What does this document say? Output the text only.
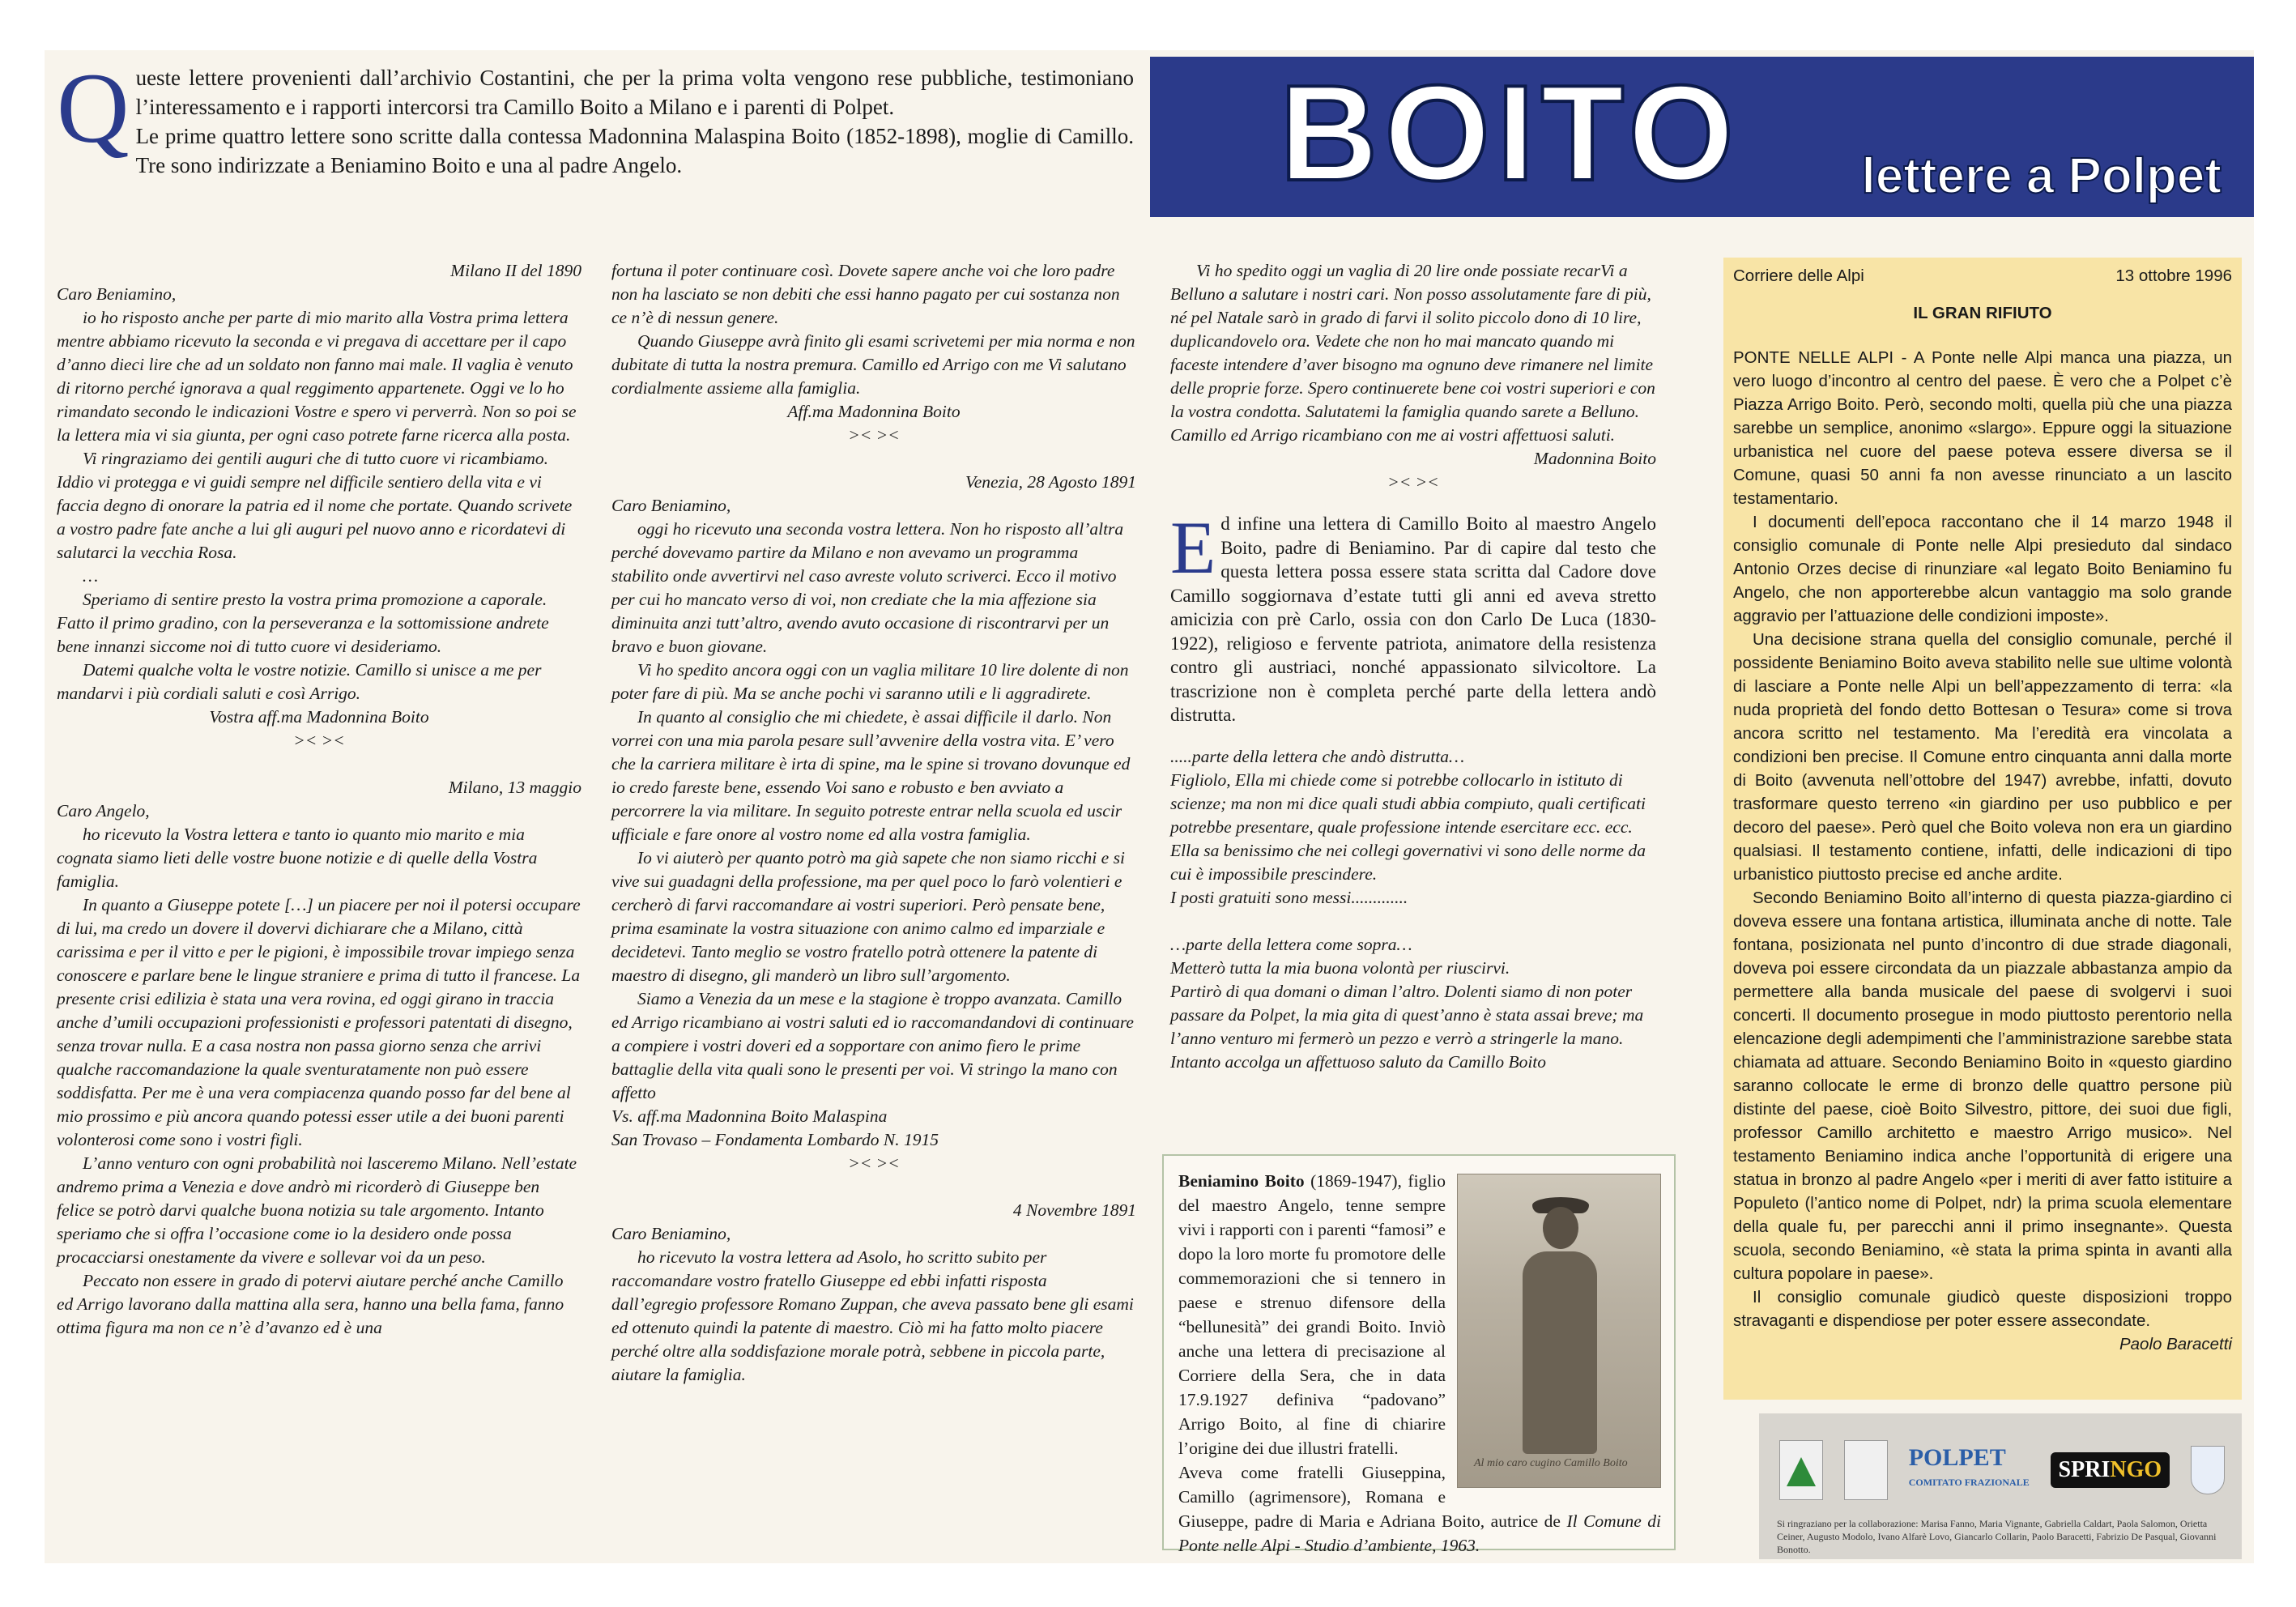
Q ueste lettere provenienti dall’archivio Costantini, che per la prima volta vengono rese pubbliche, testimoniano l’interessamento e i rapporti intercorsi tra Camillo Boito a Milano e i parenti di Polpet.

Le prime quattro lettere sono scritte dalla contessa Madonnina Malaspina Boito (1852-1898), moglie di Camillo. Tre sono indirizzate a Beniamino Boito e una al padre Angelo.	BOITO lettere a Polpet

Milano II del 1890

Caro Beniamino,

io ho risposto anche per parte di mio marito alla Vostra prima lettera mentre abbiamo ricevuto la seconda e vi pregava di accettare per il capo d’anno dieci lire che ad un soldato non fanno mai male. Il vaglia è venuto di ritorno perché ignorava a qual reggimento appartenete. Oggi ve lo ho rimandato secondo le indicazioni Vostre e spero vi perverrà. Non so poi se la lettera mia vi sia giunta, per ogni caso potrete farne ricerca alla posta.

Vi ringraziamo dei gentili auguri che di tutto cuore vi ricambiamo. Iddio vi protegga e vi guidi sempre nel difficile sentiero della vita e vi faccia degno di onorare la patria ed il nome che portate. Quando scrivete a vostro padre fate anche a lui gli auguri pel nuovo anno e ricordatevi di salutarci la vecchia Rosa.

…

Speriamo di sentire presto la vostra prima promozione a caporale. Fatto il primo gradino, con la perseveranza e la sottomissione andrete bene innanzi siccome noi di tutto cuore vi desideriamo.

Datemi qualche volta le vostre notizie. Camillo si unisce a me per mandarvi i più cordiali saluti e così Arrigo.

Vostra aff.ma Madonnina Boito

>< ><

Milano, 13 maggio

Caro Angelo,

ho ricevuto la Vostra lettera e tanto io quanto mio marito e mia cognata siamo lieti delle vostre buone notizie e di quelle della Vostra famiglia.

In quanto a Giuseppe potete […] un piacere per noi il potersi occupare di lui, ma credo un dovere il dovervi dichiarare che a Milano, città carissima e per il vitto e per le pigioni, è impossibile trovar impiego senza conoscere e parlare bene le lingue straniere e prima di tutto il francese. La presente crisi edilizia è stata una vera rovina, ed oggi girano in traccia anche d’umili occupazioni professionisti e professori patentati di disegno, senza trovar nulla. E a casa nostra non passa giorno senza che arrivi qualche raccomandazione la quale sventuratamente non può essere soddisfatta. Per me è una vera compiacenza quando posso far del bene al mio prossimo e più ancora quando potessi esser utile a dei buoni parenti volonterosi come sono i vostri figli.

L’anno venturo con ogni probabilità noi lasceremo Milano. Nell’estate andremo prima a Venezia e dove andrò mi ricorderò di Giuseppe ben felice se potrò darvi qualche buona notizia su tale argomento. Intanto speriamo che si offra l’occasione come io la desidero onde possa procacciarsi onestamente da vivere e sollevar voi da un peso.

Peccato non essere in grado di potervi aiutare perché anche Camillo ed Arrigo lavorano dalla mattina alla sera, hanno una bella fama, fanno ottima figura ma non ce n’è d’avanzo ed è una

fortuna il poter continuare così. Dovete sapere anche voi che loro padre non ha lasciato se non debiti che essi hanno pagato per cui sostanza non ce n’è di nessun genere.

Quando Giuseppe avrà finito gli esami scrivetemi per mia norma e non dubitate di tutta la nostra premura. Camillo ed Arrigo con me Vi salutano cordialmente assieme alla famiglia.

Aff.ma Madonnina Boito

>< ><

Venezia, 28 Agosto 1891

Caro Beniamino,

oggi ho ricevuto una seconda vostra lettera. Non ho risposto all’altra perché dovevamo partire da Milano e non avevamo un programma stabilito onde avvertirvi nel caso avreste voluto scriverci. Ecco il motivo per cui ho mancato verso di voi, non crediate che la mia affezione sia diminuita anzi tutt’altro, avendo avuto occasione di riscontrarvi per un bravo e buon giovane.

Vi ho spedito ancora oggi con un vaglia militare 10 lire dolente di non poter fare di più. Ma se anche pochi vi saranno utili e li aggradirete.

In quanto al consiglio che mi chiedete, è assai difficile il darlo. Non vorrei con una mia parola pesare sull’avvenire della vostra vita. E’ vero che la carriera militare è irta di spine, ma le spine si trovano dovunque ed io credo fareste bene, essendo Voi sano e robusto e ben avviato a percorrere la via militare. In seguito potreste entrar nella scuola ed uscir ufficiale e fare onore al vostro nome ed alla vostra famiglia.

Io vi aiuterò per quanto potrò ma già sapete che non siamo ricchi e si vive sui guadagni della professione, ma per quel poco lo farò volentieri e cercherò di farvi raccomandare ai vostri superiori. Però pensate bene, prima esaminate la vostra situazione con animo calmo ed imparziale e decidetevi. Tanto meglio se vostro fratello potrà ottenere la patente di maestro di disegno, gli manderò un libro sull’argomento.

Siamo a Venezia da un mese e la stagione è troppo avanzata. Camillo ed Arrigo ricambiano ai vostri saluti ed io raccomandandovi di continuare a compiere i vostri doveri ed a sopportare con animo fiero le prime battaglie della vita quali sono le presenti per voi. Vi stringo la mano con affetto

Vs. aff.ma Madonnina Boito Malaspina

San Trovaso – Fondamenta Lombardo N. 1915

>< ><

4 Novembre 1891

Caro Beniamino,

ho ricevuto la vostra lettera ad Asolo, ho scritto subito per raccomandare vostro fratello Giuseppe ed ebbi infatti risposta dall’egregio professore Romano Zuppan, che aveva passato bene gli esami ed ottenuto quindi la patente di maestro. Ciò mi ha fatto molto piacere perché oltre alla soddisfazione morale potrà, sebbene in piccola parte, aiutare la famiglia.

Vi ho spedito oggi un vaglia di 20 lire onde possiate recarVi a Belluno a salutare i nostri cari. Non posso assolutamente fare di più, né pel Natale sarò in grado di farvi il solito piccolo dono di 10 lire, duplicandovelo ora. Vedete che non ho mai mancato quando mi faceste intendere d’aver bisogno ma ognuno deve rimanere nel limite delle proprie forze. Spero continuerete bene coi vostri superiori e con la vostra condotta. Salutatemi la famiglia quando sarete a Belluno. Camillo ed Arrigo ricambiano con me ai vostri affettuosi saluti.

Madonnina Boito

>< ><

Ed infine una lettera di Camillo Boito al maestro Angelo Boito, padre di Beniamino. Par di capire dal testo che questa lettera possa essere stata scritta dal Cadore dove Camillo soggiornava d’estate tutti gli anni ed aveva stretto amicizia con prè Carlo, ossia con don Carlo De Luca (1830-1922), religioso e fervente patriota, animatore della resistenza contro gli austriaci, nonché appassionato silvicoltore. La trascrizione non è completa perché parte della lettera andò distrutta.

.....parte della lettera che andò distrutta…

Figliolo, Ella mi chiede come si potrebbe collocarlo in istituto di scienze; ma non mi dice quali studi abbia compiuto, quali certificati potrebbe presentare, quale professione intende esercitare ecc. ecc.

Ella sa benissimo che nei collegi governativi vi sono delle norme da cui è impossibile prescindere.

I posti gratuiti sono messi.............

…parte della lettera come sopra…

Metterò tutta la mia buona volontà per riuscirvi.

Partirò di qua domani o diman l’altro. Dolenti siamo di non poter passare da Polpet, la mia gita di quest’anno è stata assai breve; ma l’anno venturo mi fermerò un pezzo e verrò a stringerle la mano. Intanto accolga un affettuoso saluto da Camillo Boito

Al mio caro cugino Camillo Boito

Beniamino Boito (1869-1947), figlio del maestro Angelo, tenne sempre vivi i rapporti con i parenti “famosi” e dopo la loro morte fu promotore delle commemorazioni che si tennero in paese e strenuo difensore della “bellunesità” dei grandi Boito. Inviò anche una lettera di precisazione al Corriere della Sera, che in data 17.9.1927 definiva “padovano” Arrigo Boito, al fine di chiarire l’origine dei due illustri fratelli.

Aveva come fratelli Giuseppina, Camillo (agrimensore), Romana e Giuseppe, padre di Maria e Adriana Boito, autrice de Il Comune di Ponte nelle Alpi - Studio d’ambiente, 1963.

Corriere delle Alpi	13 ottobre 1996
IL GRAN RIFIUTO

PONTE NELLE ALPI - A Ponte nelle Alpi manca una piazza, un vero luogo d’incontro al centro del paese. È vero che a Polpet c’è Piazza Arrigo Boito. Però, secondo molti, quella più che una piazza sarebbe un semplice, anonimo «slargo». Eppure oggi la situazione urbanistica nel cuore del paese poteva essere diversa se il Comune, quasi 50 anni fa non avesse rinunciato a un lascito testamentario.

I documenti dell’epoca raccontano che il 14 marzo 1948 il consiglio comunale di Ponte nelle Alpi presieduto dal sindaco Antonio Orzes decise di rinunziare «al legato Boito Beniamino fu Angelo, che non apporterebbe alcun vantaggio ma solo grande aggravio per l’attuazione delle condizioni imposte».

Una decisione strana quella del consiglio comunale, perché il possidente Beniamino Boito aveva stabilito nelle sue ultime volontà di lasciare a Ponte nelle Alpi un bell’appezzamento di terra: «la nuda proprietà del fondo detto Bottesan o Tesura» come si trova ancora scritto nel testamento. Ma l’eredità era vincolata a condizioni ben precise. Il Comune entro cinquanta anni dalla morte di Boito (avvenuta nell’ottobre del 1947) avrebbe, infatti, dovuto trasformare questo terreno «in giardino per uso pubblico e per decoro del paese». Però quel che Boito voleva non era un giardino qualsiasi. Il testamento contiene, infatti, delle indicazioni di tipo urbanistico piuttosto precise ed anche ardite.

Secondo Beniamino Boito all’interno di questa piazza-giardino ci doveva essere una fontana artistica, illuminata anche di notte. Tale fontana, posizionata nel punto d’incontro di due strade diagonali, doveva poi essere circondata da un piazzale abbastanza ampio da permettere alla banda musicale del paese di svolgervi i suoi concerti. Il documento prosegue in modo piuttosto perentorio nella elencazione degli adempimenti che l’amministrazione sarebbe stata chiamata ad attuare. Secondo Beniamino Boito in «questo giardino saranno collocate le erme di bronzo delle quattro persone più distinte del paese, cioè Boito Silvestro, pittore, dei suoi due figli, professor Camillo architetto e maestro Arrigo musico». Nel testamento Beniamino indica anche l’opportunità di erigere una statua in bronzo al padre Angelo «per i meriti di aver fatto istituire a Populeto (l’antico nome di Polpet, ndr) la prima scuola elementare della quale fu, per parecchi anni il primo insegnante». Questa scuola, secondo Beniamino, «è stata la prima spinta in avanti alla cultura popolare in paese».

Il consiglio comunale giudicò queste disposizioni troppo stravaganti e dispendiose per poter essere assecondate.

Paolo Baracetti

POLPET
COMITATO FRAZIONALE	SPRINGO
Si ringraziano per la collaborazione: Marisa Fanno, Maria Vignante, Gabriella Caldart, Paola Salomon, Orietta Ceiner, Augusto Modolo, Ivano Alfarè Lovo, Giancarlo Collarin, Paolo Baracetti, Fabrizio De Pasqual, Giovanni Bonotto.
